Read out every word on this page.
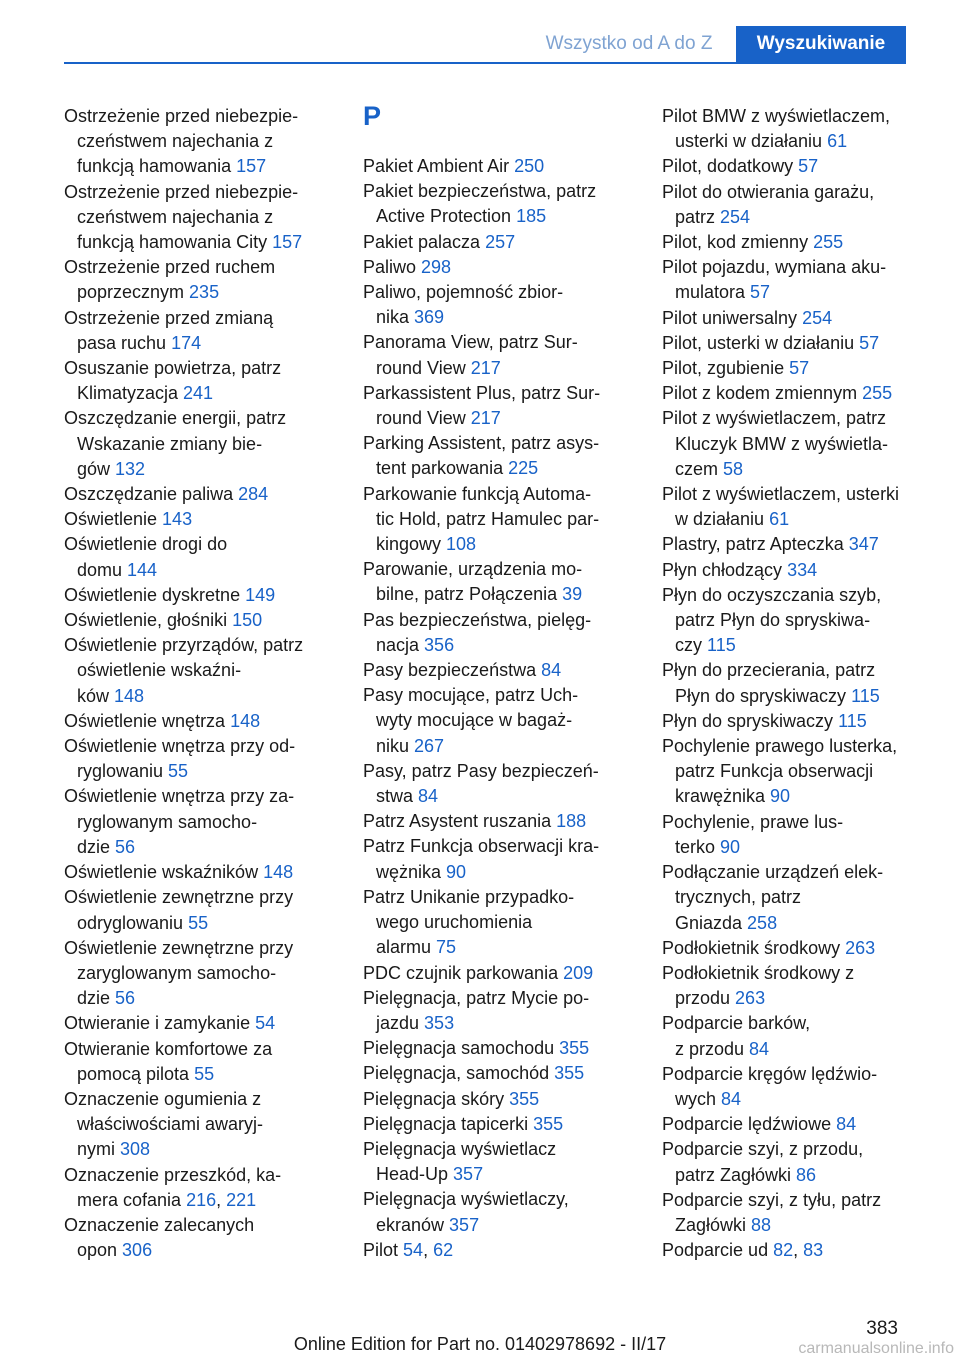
Wszystko od A do Z	Wyszukiwanie
Ostrzeżenie przed niebezpie-
czeństwem najechania z
funkcją hamowania 157
Ostrzeżenie przed niebezpie-
czeństwem najechania z
funkcją hamowania City 157
Ostrzeżenie przed ruchem
poprzecznym 235
Ostrzeżenie przed zmianą
pasa ruchu 174
Osuszanie powietrza, patrz
Klimatyzacja 241
Oszczędzanie energii, patrz
Wskazanie zmiany bie-
gów 132
Oszczędzanie paliwa 284
Oświetlenie 143
Oświetlenie drogi do
domu 144
Oświetlenie dyskretne 149
Oświetlenie, głośniki 150
Oświetlenie przyrządów, patrz
oświetlenie wskaźni-
ków 148
Oświetlenie wnętrza 148
Oświetlenie wnętrza przy od-
ryglowaniu 55
Oświetlenie wnętrza przy za-
ryglowanym samocho-
dzie 56
Oświetlenie wskaźników 148
Oświetlenie zewnętrzne przy
odryglowaniu 55
Oświetlenie zewnętrzne przy
zaryglowanym samocho-
dzie 56
Otwieranie i zamykanie 54
Otwieranie komfortowe za
pomocą pilota 55
Oznaczenie ogumienia z
właściwościami awaryj-
nymi 308
Oznaczenie przeszkód, ka-
mera cofania 216, 221
Oznaczenie zalecanych
opon 306
P
Pakiet Ambient Air 250
Pakiet bezpieczeństwa, patrz
Active Protection 185
Pakiet palacza 257
Paliwo 298
Paliwo, pojemność zbior-
nika 369
Panorama View, patrz Sur-
round View 217
Parkassistent Plus, patrz Sur-
round View 217
Parking Assistent, patrz asys-
tent parkowania 225
Parkowanie funkcją Automa-
tic Hold, patrz Hamulec par-
kingowy 108
Parowanie, urządzenia mo-
bilne, patrz Połączenia 39
Pas bezpieczeństwa, pielęg-
nacja 356
Pasy bezpieczeństwa 84
Pasy mocujące, patrz Uch-
wyty mocujące w bagaż-
niku 267
Pasy, patrz Pasy bezpieczeń-
stwa 84
Patrz Asystent ruszania 188
Patrz Funkcja obserwacji kra-
wężnika 90
Patrz Unikanie przypadko-
wego uruchomienia
alarmu 75
PDC czujnik parkowania 209
Pielęgnacja, patrz Mycie po-
jazdu 353
Pielęgnacja samochodu 355
Pielęgnacja, samochód 355
Pielęgnacja skóry 355
Pielęgnacja tapicerki 355
Pielęgnacja wyświetlacz
Head-Up 357
Pielęgnacja wyświetlaczy,
ekranów 357
Pilot 54, 62
Pilot BMW z wyświetlaczem,
usterki w działaniu 61
Pilot, dodatkowy 57
Pilot do otwierania garażu,
patrz 254
Pilot, kod zmienny 255
Pilot pojazdu, wymiana aku-
mulatora 57
Pilot uniwersalny 254
Pilot, usterki w działaniu 57
Pilot, zgubienie 57
Pilot z kodem zmiennym 255
Pilot z wyświetlaczem, patrz
Kluczyk BMW z wyświetla-
czem 58
Pilot z wyświetlaczem, usterki
w działaniu 61
Plastry, patrz Apteczka 347
Płyn chłodzący 334
Płyn do oczyszczania szyb,
patrz Płyn do spryskiwa-
czy 115
Płyn do przecierania, patrz
Płyn do spryskiwaczy 115
Płyn do spryskiwaczy 115
Pochylenie prawego lusterka,
patrz Funkcja obserwacji
krawężnika 90
Pochylenie, prawe lus-
terko 90
Podłączanie urządzeń elek-
trycznych, patrz
Gniazda 258
Podłokietnik środkowy 263
Podłokietnik środkowy z
przodu 263
Podparcie barków,
z przodu 84
Podparcie kręgów lędźwio-
wych 84
Podparcie lędźwiowe 84
Podparcie szyi, z przodu,
patrz Zagłówki 86
Podparcie szyi, z tyłu, patrz
Zagłówki 88
Podparcie ud 82, 83
383
Online Edition for Part no. 01402978692 - II/17	carmanualsonline.info
